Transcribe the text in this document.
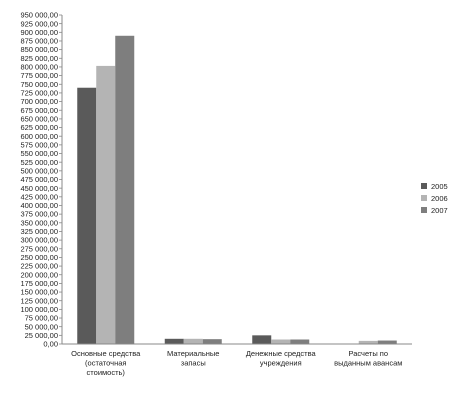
0,00
25 000,00
50 000,00
75 000,00
100 000,00
125 000,00
150 000,00
175 000,00
200 000,00
225 000,00
250 000,00
275 000,00
300 000,00
325 000,00
350 000,00
375 000,00
400 000,00
425 000,00
450 000,00
475 000,00
500 000,00
525 000,00
550 000,00
575 000,00
600 000,00
625 000,00
650 000,00
675 000,00
700 000,00
725 000,00
750 000,00
775 000,00
800 000,00
825 000,00
850 000,00
875 000,00
900 000,00
925 000,00
950 000,00
Основные средства (остаточная стоимость)
Материальные запасы
Денежные средства учреждения
Расчеты по выданным авансам
2005
2006
2007
